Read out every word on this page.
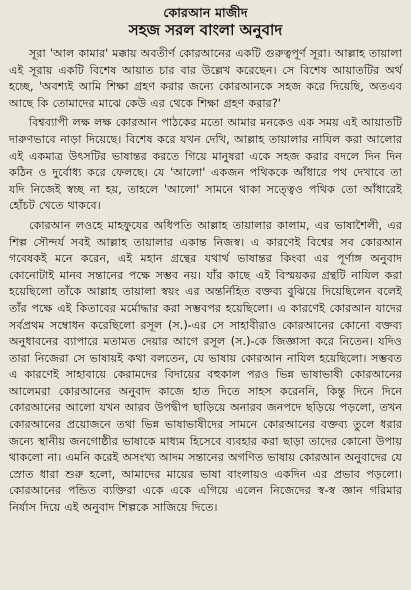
কোরআন মাজীদ
সহজ সরল বাংলা অনুবাদ

সূরা 'আল কামার' মক্কায় অবতীর্ণ কোরআনের একটি গুরুত্বপূর্ণ সূরা। আল্লাহ তায়ালা এই সূরায় একটি বিশেষ আয়াত চার বার উল্লেখ করেছেন। সে বিশেষ আয়াতটির অর্থ হচ্ছে, 'অবশ্যই আমি শিক্ষা গ্রহণ করার জন্যে কোরআনকে সহজ করে দিয়েছি, অতএব আছে কি তোমাদের মাঝে কেউ এর থেকে শিক্ষা গ্রহণ করার?'

বিশ্বব্যাপী লক্ষ লক্ষ কোরআন পাঠকের মতো আমার মনকেও এক সময় এই আয়াতটি দারুণভাবে নাড়া দিয়েছে। বিশেষ করে যখন দেখি, আল্লাহ তায়ালার নাযিল করা আলোর এই একমাত্র উৎসটির ভাষান্তর করতে গিয়ে মানুষরা একে সহজ করার বদলে দিন দিন কঠিন ও দুর্বোধ্য করে ফেলছে। যে 'আলো' একজন পথিককে আঁধারে পথ দেখাবে তা যদি নিজেই স্বচ্ছ না হয়, তাহলে 'আলো' সামনে থাকা সত্ত্বেও পথিক তো আঁধারেই হোঁচট খেতে থাকবে।

কোরআন লওহে মাহফুযের অধিপতি আল্লাহ তায়ালার কালাম, এর ভাষাশৈলী, এর শিল্প সৌন্দর্য সবই আল্লাহ তায়ালার একান্ত নিজস্ব। এ কারণেই বিশ্বের সব কোরআন গবেষকই মনে করেন, এই মহান গ্রন্থের যথার্থ ভাষান্তর কিংবা এর পূর্ণাঙ্গ অনুবাদ কোনোটাই মানব সন্তানের পক্ষে সম্ভব নয়। যাঁর কাছে এই বিস্ময়কর গ্রন্থটি নাযিল করা হয়েছিলো তাঁকে আল্লাহ তায়ালা স্বয়ং এর অন্তর্নিহিত বক্তব্য বুঝিয়ে দিয়েছিলেন বলেই তাঁর পক্ষে এই কিতাবের মর্মোদ্ধার করা সম্ভবপর হয়েছিলো। এ কারণেই কোরআন যাদের সর্বপ্রথম সম্বোধন করেছিলো রসূল (স.)-এর সে সাহাবীরাও কোরআনের কোনো বক্তব্য অনুধাবনের ব্যাপারে মতামত দেয়ার আগে রসূল (স.)-কে জিজ্ঞাসা করে নিতেন। যদিও তারা নিজেরা সে ভাষায়ই কথা বলতেন, যে ভাষায় কোরআন নাযিল হয়েছিলো। সম্ভবত এ কারণেই সাহাবায়ে কেরামদের বিদায়ের বহুকাল পরও ভিন্ন ভাষাভাষী কোরআনের আলেমরা কোরআনের অনুবাদ কাজে হাত দিতে সাহস করেননি, কিন্তু দিনে দিনে কোরআনের আলো যখন আরব উপদ্বীপ ছাড়িয়ে অনারব জনপদে ছড়িয়ে পড়লো, তখন কোরআনের প্রয়োজনে তথা ভিন্ন ভাষাভাষীদের সামনে কোরআনের বক্তব্য তুলে ধরার জন্যে স্থানীয় জনগোষ্ঠীর ভাষাকে মাধ্যম হিসেবে ব্যবহার করা ছাড়া তাদের কোনো উপায় থাকলো না। এমনি করেই অসংখ্য আদম সন্তানের অগণিত ভাষায় কোরআন অনুবাদের যে স্রোত ধারা শুরু হলো, আমাদের মায়ের ভাষা বাংলায়ও একদিন এর প্রভাব পড়লো। কোরআনের পন্ডিত ব্যক্তিরা একে একে এগিয়ে এলেন নিজেদের স্ব-স্ব জ্ঞান গরিমার নির্যাস দিয়ে এই অনুবাদ শিল্পকে সাজিয়ে দিতে।
